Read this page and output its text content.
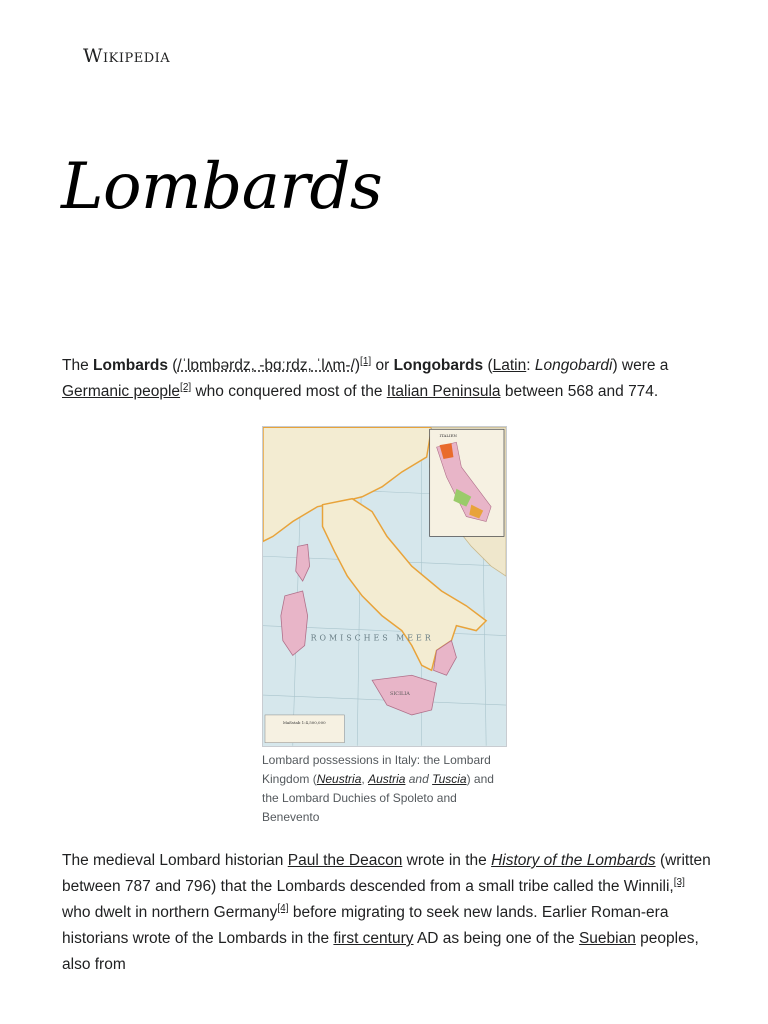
Wikipedia
Lombards

The Lombards (/ˈlɒmbərdz, -bɑːrdz, ˈlʌm-/)[1] or Longobards (Latin: Longobardi) were a Germanic people[2] who conquered most of the Italian Peninsula between 568 and 774.

Maßstab 1:4,500,000
ROMISCHES MEER
SICILIA
ITALIEN
Lombard possessions in Italy: the Lombard Kingdom (Neustria, Austria and Tuscia) and the Lombard Duchies of Spoleto and Benevento

The medieval Lombard historian Paul the Deacon wrote in the History of the Lombards (written between 787 and 796) that the Lombards descended from a small tribe called the Winnili,[3] who dwelt in northern Germany[4] before migrating to seek new lands. Earlier Roman-era historians wrote of the Lombards in the first century AD as being one of the Suebian peoples, also from
